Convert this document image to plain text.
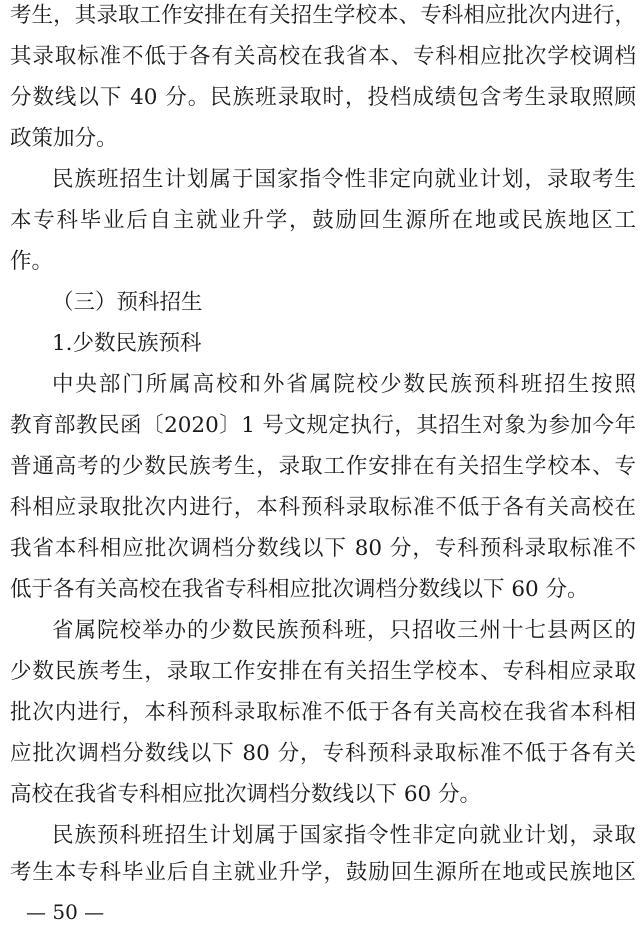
考生，其录取工作安排在有关招生学校本、专科相应批次内进行，
其录取标准不低于各有关高校在我省本、专科相应批次学校调档
分数线以下 40 分。民族班录取时，投档成绩包含考生录取照顾
政策加分。
民族班招生计划属于国家指令性非定向就业计划，录取考生
本专科毕业后自主就业升学，鼓励回生源所在地或民族地区工
作。
（三）预科招生
1.少数民族预科
中央部门所属高校和外省属院校少数民族预科班招生按照
教育部教民函〔2020〕1 号文规定执行，其招生对象为参加今年
普通高考的少数民族考生，录取工作安排在有关招生学校本、专
科相应录取批次内进行，本科预科录取标准不低于各有关高校在
我省本科相应批次调档分数线以下 80 分，专科预科录取标准不
低于各有关高校在我省专科相应批次调档分数线以下 60 分。
省属院校举办的少数民族预科班，只招收三州十七县两区的
少数民族考生，录取工作安排在有关招生学校本、专科相应录取
批次内进行，本科预科录取标准不低于各有关高校在我省本科相
应批次调档分数线以下 80 分，专科预科录取标准不低于各有关
高校在我省专科相应批次调档分数线以下 60 分。
民族预科班招生计划属于国家指令性非定向就业计划，录取
考生本专科毕业后自主就业升学，鼓励回生源所在地或民族地区
— 50 —
